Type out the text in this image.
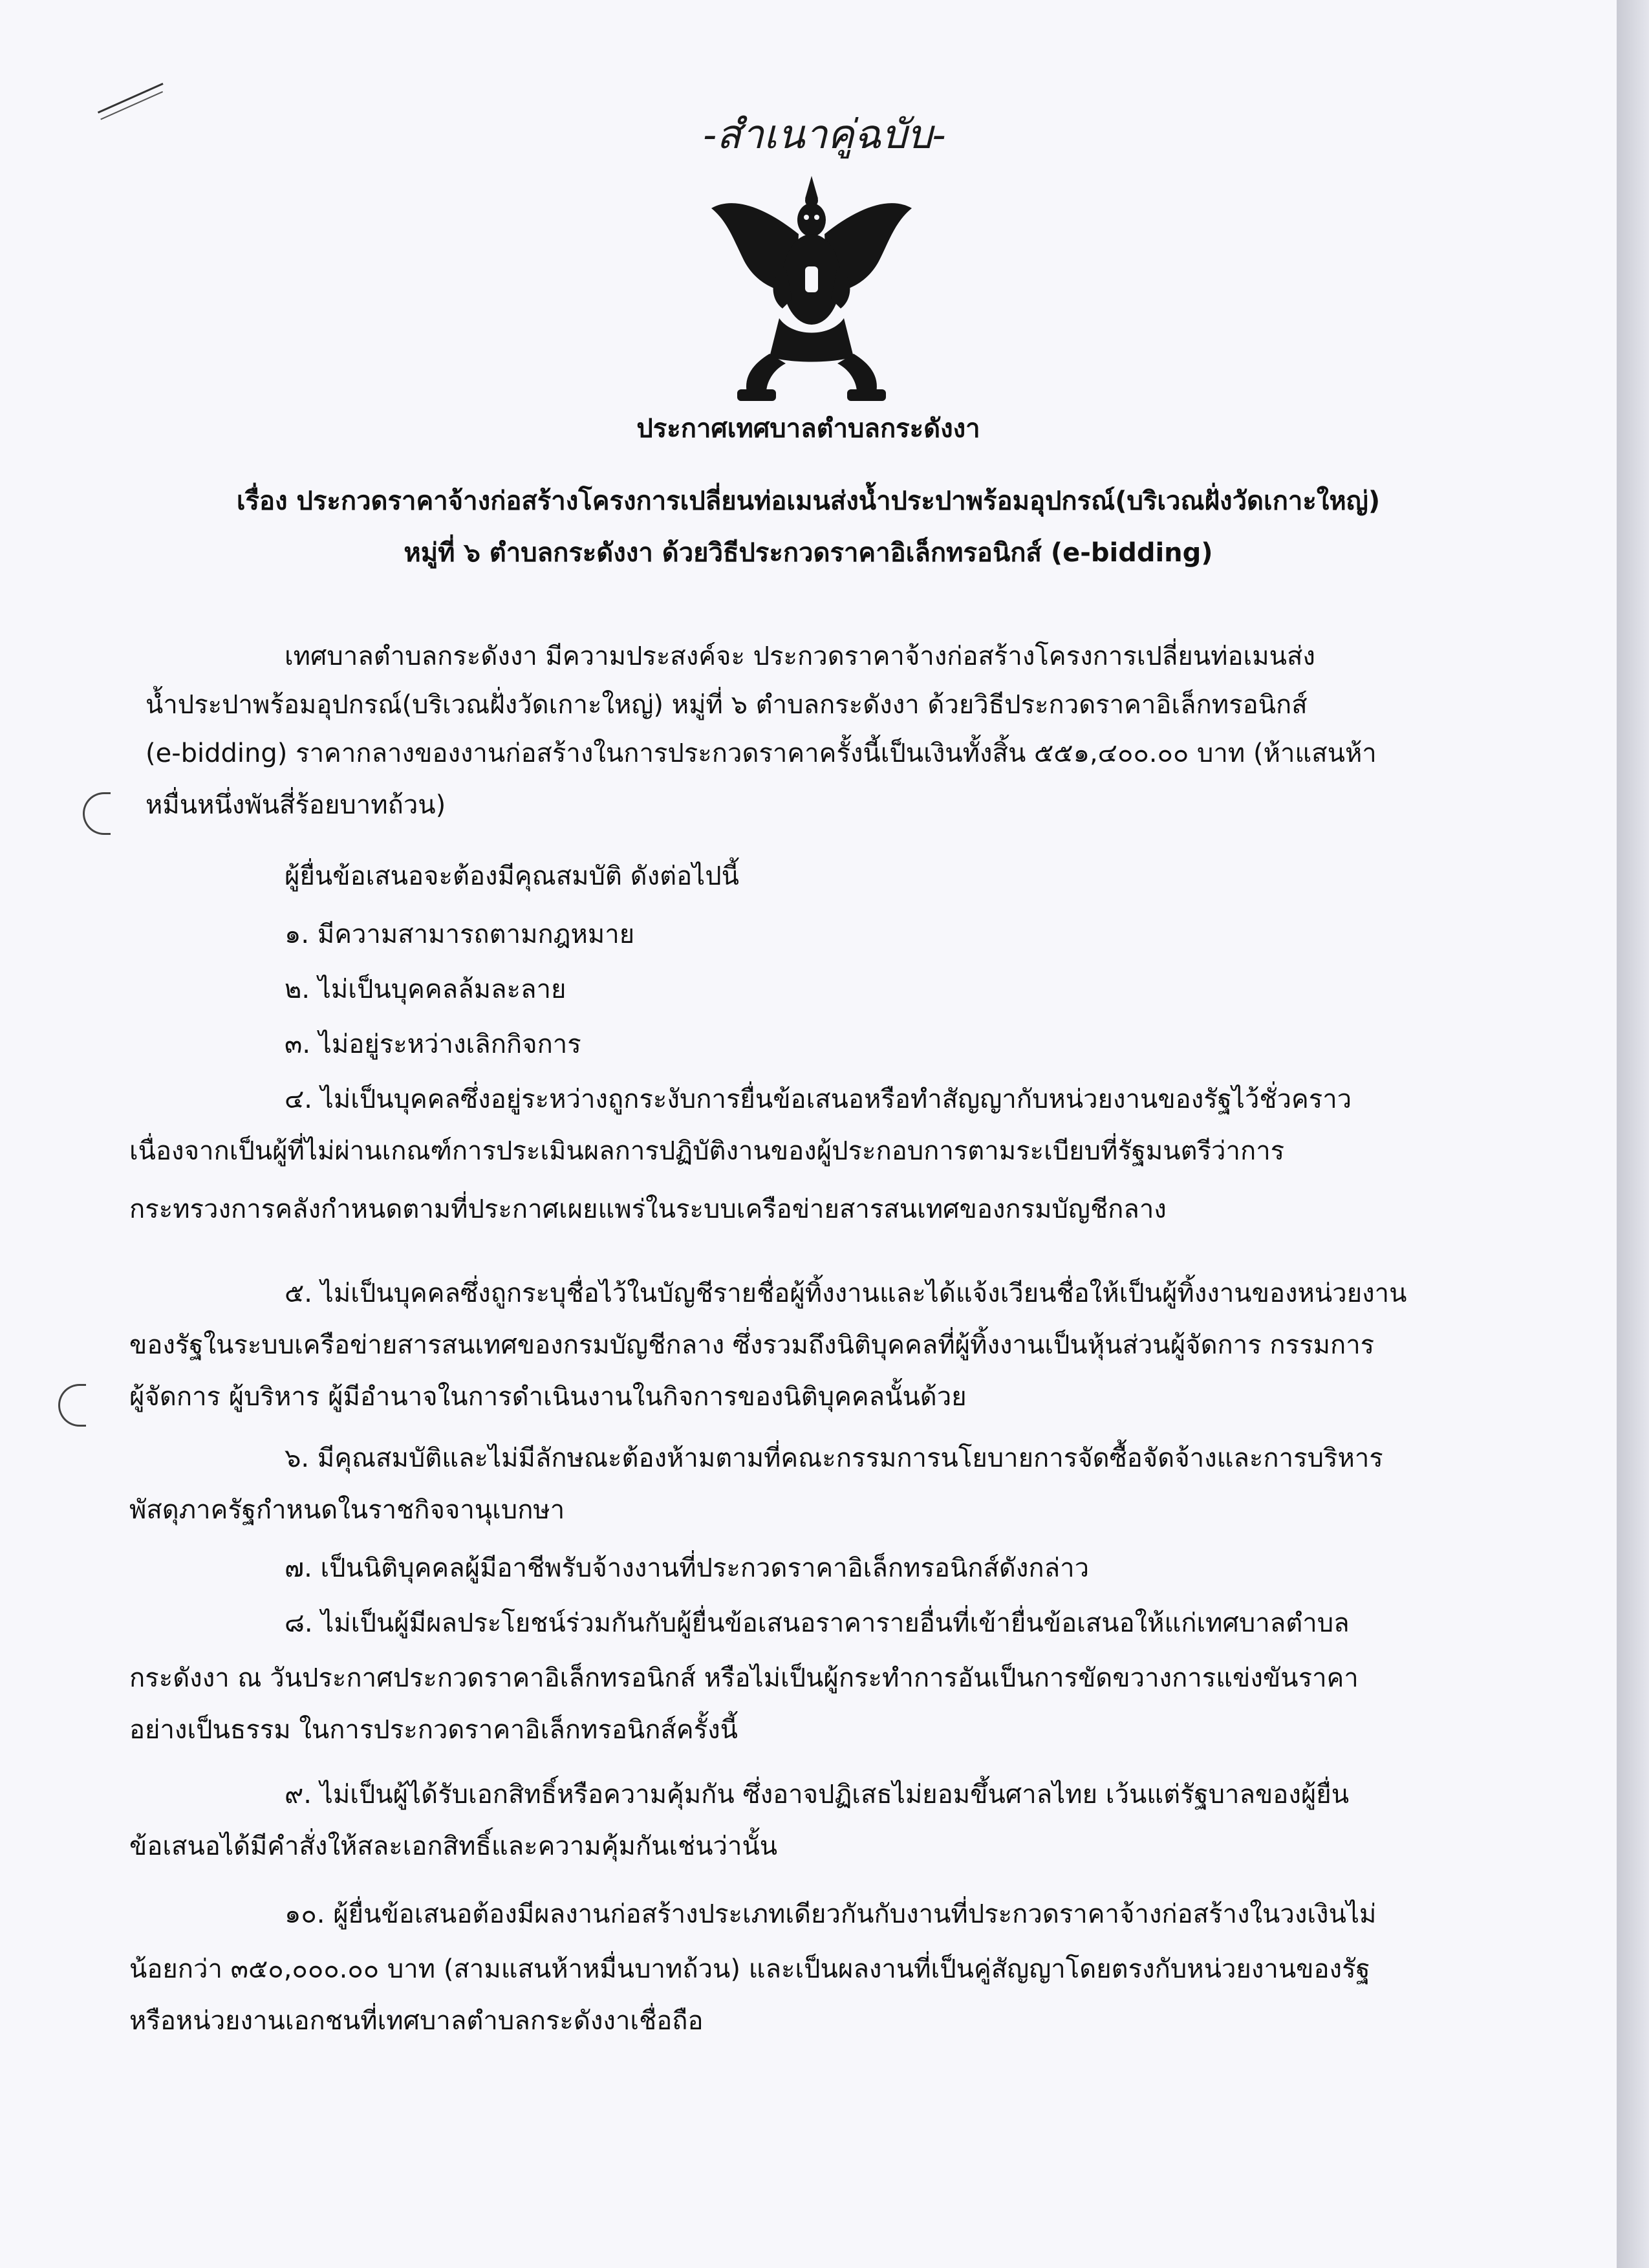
-สำเนาคู่ฉบับ-
ประกาศเทศบาลตำบลกระดังงา
เรื่อง ประกวดราคาจ้างก่อสร้างโครงการเปลี่ยนท่อเมนส่งน้ำประปาพร้อมอุปกรณ์(บริเวณฝั่งวัดเกาะใหญ่)
หมู่ที่ ๖ ตำบลกระดังงา ด้วยวิธีประกวดราคาอิเล็กทรอนิกส์ (e-bidding)
เทศบาลตำบลกระดังงา มีความประสงค์จะ ประกวดราคาจ้างก่อสร้างโครงการเปลี่ยนท่อเมนส่ง
น้ำประปาพร้อมอุปกรณ์(บริเวณฝั่งวัดเกาะใหญ่) หมู่ที่ ๖ ตำบลกระดังงา ด้วยวิธีประกวดราคาอิเล็กทรอนิกส์
(e-bidding) ราคากลางของงานก่อสร้างในการประกวดราคาครั้งนี้เป็นเงินทั้งสิ้น ๕๕๑,๔๐๐.๐๐ บาท (ห้าแสนห้า
หมื่นหนึ่งพันสี่ร้อยบาทถ้วน)
ผู้ยื่นข้อเสนอจะต้องมีคุณสมบัติ ดังต่อไปนี้
๑. มีความสามารถตามกฎหมาย
๒. ไม่เป็นบุคคลล้มละลาย
๓. ไม่อยู่ระหว่างเลิกกิจการ
๔. ไม่เป็นบุคคลซึ่งอยู่ระหว่างถูกระงับการยื่นข้อเสนอหรือทำสัญญากับหน่วยงานของรัฐไว้ชั่วคราว
เนื่องจากเป็นผู้ที่ไม่ผ่านเกณฑ์การประเมินผลการปฏิบัติงานของผู้ประกอบการตามระเบียบที่รัฐมนตรีว่าการ
กระทรวงการคลังกำหนดตามที่ประกาศเผยแพร่ในระบบเครือข่ายสารสนเทศของกรมบัญชีกลาง
๕. ไม่เป็นบุคคลซึ่งถูกระบุชื่อไว้ในบัญชีรายชื่อผู้ทิ้งงานและได้แจ้งเวียนชื่อให้เป็นผู้ทิ้งงานของหน่วยงาน
ของรัฐในระบบเครือข่ายสารสนเทศของกรมบัญชีกลาง ซึ่งรวมถึงนิติบุคคลที่ผู้ทิ้งงานเป็นหุ้นส่วนผู้จัดการ กรรมการ
ผู้จัดการ ผู้บริหาร ผู้มีอำนาจในการดำเนินงานในกิจการของนิติบุคคลนั้นด้วย
๖. มีคุณสมบัติและไม่มีลักษณะต้องห้ามตามที่คณะกรรมการนโยบายการจัดซื้อจัดจ้างและการบริหาร
พัสดุภาครัฐกำหนดในราชกิจจานุเบกษา
๗. เป็นนิติบุคคลผู้มีอาชีพรับจ้างงานที่ประกวดราคาอิเล็กทรอนิกส์ดังกล่าว
๘. ไม่เป็นผู้มีผลประโยชน์ร่วมกันกับผู้ยื่นข้อเสนอราคารายอื่นที่เข้ายื่นข้อเสนอให้แก่เทศบาลตำบล
กระดังงา ณ วันประกาศประกวดราคาอิเล็กทรอนิกส์ หรือไม่เป็นผู้กระทำการอันเป็นการขัดขวางการแข่งขันราคา
อย่างเป็นธรรม ในการประกวดราคาอิเล็กทรอนิกส์ครั้งนี้
๙. ไม่เป็นผู้ได้รับเอกสิทธิ์หรือความคุ้มกัน ซึ่งอาจปฏิเสธไม่ยอมขึ้นศาลไทย เว้นแต่รัฐบาลของผู้ยื่น
ข้อเสนอได้มีคำสั่งให้สละเอกสิทธิ์และความคุ้มกันเช่นว่านั้น
๑๐. ผู้ยื่นข้อเสนอต้องมีผลงานก่อสร้างประเภทเดียวกันกับงานที่ประกวดราคาจ้างก่อสร้างในวงเงินไม่
น้อยกว่า ๓๕๐,๐๐๐.๐๐ บาท (สามแสนห้าหมื่นบาทถ้วน) และเป็นผลงานที่เป็นคู่สัญญาโดยตรงกับหน่วยงานของรัฐ
หรือหน่วยงานเอกชนที่เทศบาลตำบลกระดังงาเชื่อถือ
